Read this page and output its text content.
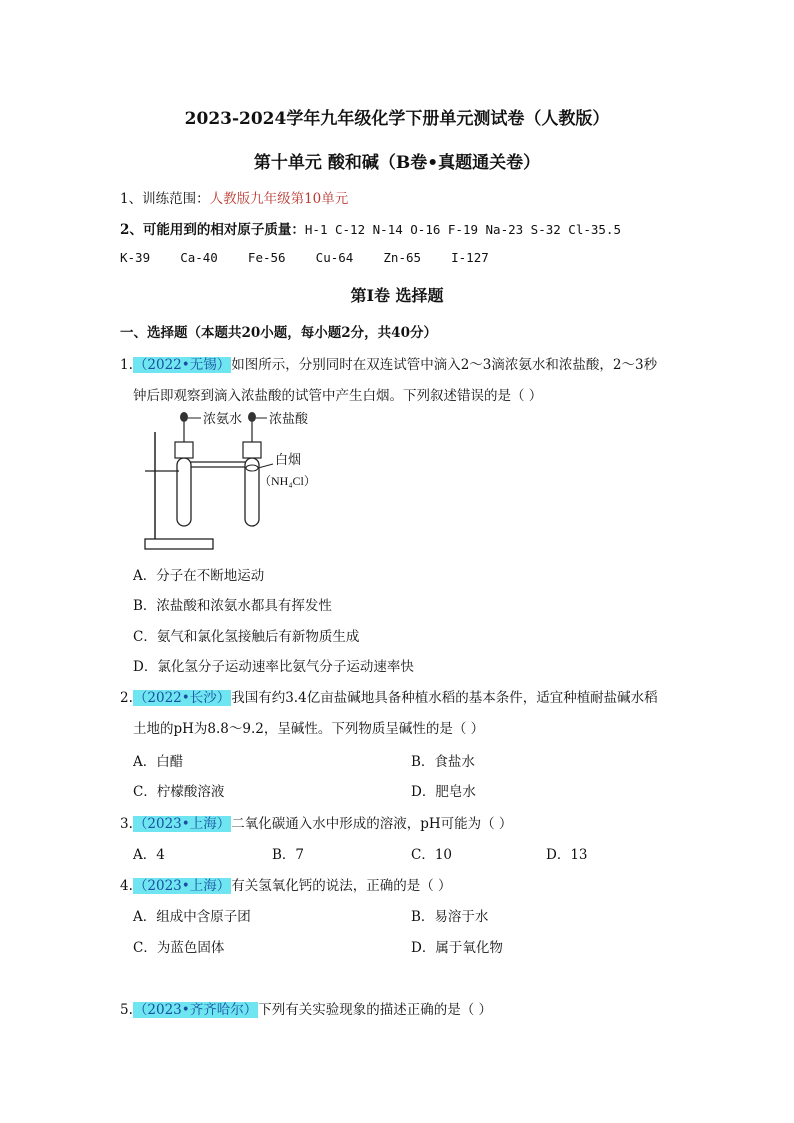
2023-2024学年九年级化学下册单元测试卷（人教版）
第十单元 酸和碱（B卷•真题通关卷）
1、训练范围：人教版九年级第10单元
2、可能用到的相对原子质量：H-1 C-12 N-14 O-16 F-19 Na-23 S-32 Cl-35.5
K-39    Ca-40    Fe-56    Cu-64    Zn-65    I-127
第Ⅰ卷 选择题
一、选择题（本题共20小题，每小题2分，共40分）
1.（2022•无锡）如图所示，分别同时在双连试管中滴入2～3滴浓氨水和浓盐酸，2～3秒
钟后即观察到滴入浓盐酸的试管中产生白烟。下列叙述错误的是（ ）
浓氨水 浓盐酸
白烟
（NH₄Cl）
A．分子在不断地运动
B．浓盐酸和浓氨水都具有挥发性
C．氨气和氯化氢接触后有新物质生成
D．氯化氢分子运动速率比氨气分子运动速率快
2.（2022•长沙）我国有约3.4亿亩盐碱地具备种植水稻的基本条件，适宜种植耐盐碱水稻
土地的pH为8.8～9.2，呈碱性。下列物质呈碱性的是（ ）
A．白醋	B．食盐水
C．柠檬酸溶液	D．肥皂水
3.（2023•上海）二氧化碳通入水中形成的溶液，pH可能为（ ）
A．4	B．7	C．10	D．13
4.（2023•上海）有关氢氧化钙的说法，正确的是（ ）
A．组成中含原子团	B．易溶于水
C．为蓝色固体	D．属于氧化物
5.（2023•齐齐哈尔）下列有关实验现象的描述正确的是（ ）
